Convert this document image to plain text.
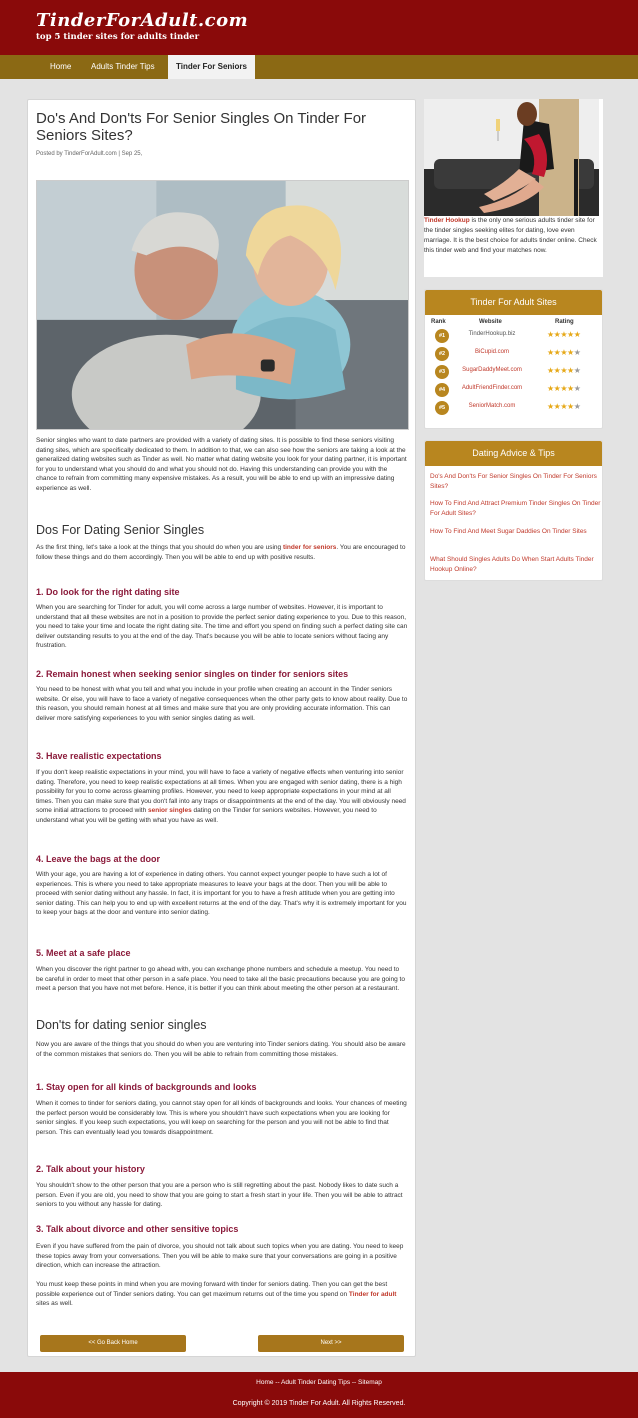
TinderForAdult.com
top 5 tinder sites for adults tinder
Home	Adults Tinder Tips	Tinder For Seniors
Do's And Don'ts For Senior Singles On Tinder For Seniors Sites?
Posted by TinderForAdult.com | Sep 25,
Senior singles who want to date partners are provided with a variety of dating sites. It is possible to find these seniors visiting dating sites, which are specifically dedicated to them. In addition to that, we can also see how the seniors are taking a look at the generalized dating websites such as Tinder as well. No matter what dating website you look for your dating partner, it is important for you to understand what you should do and what you should not do. Having this understanding can provide you with the chance to refrain from committing many expensive mistakes. As a result, you will be able to end up with an impressive dating experience as well.
Dos For Dating Senior Singles
As the first thing, let's take a look at the things that you should do when you are using tinder for seniors. You are encouraged to follow these things and do them accordingly. Then you will be able to end up with positive results.
1. Do look for the right dating site
When you are searching for Tinder for adult, you will come across a large number of websites. However, it is important to understand that all these websites are not in a position to provide the perfect senior dating experience to you. Due to this reason, you need to take your time and locate the right dating site. The time and effort you spend on finding such a perfect dating site can deliver outstanding results to you at the end of the day. That's because you will be able to locate seniors without facing any frustration.
2. Remain honest when seeking senior singles on tinder for seniors sites
You need to be honest with what you tell and what you include in your profile when creating an account in the Tinder seniors website. Or else, you will have to face a variety of negative consequences when the other party gets to know about reality. Due to this reason, you should remain honest at all times and make sure that you are only providing accurate information. This can deliver more satisfying experiences to you with senior singles dating as well.
3. Have realistic expectations
If you don't keep realistic expectations in your mind, you will have to face a variety of negative effects when venturing into senior dating. Therefore, you need to keep realistic expectations at all times. When you are engaged with senior dating, there is a high possibility for you to come across gleaming profiles. However, you need to keep appropriate expectations in your mind at all times. Then you can make sure that you don't fall into any traps or disappointments at the end of the day. You will obviously need some initial attractions to proceed with senior singles dating on the Tinder for seniors websites. However, you need to understand what you will be getting with what you have as well.
4. Leave the bags at the door
With your age, you are having a lot of experience in dating others. You cannot expect younger people to have such a lot of experiences. This is where you need to take appropriate measures to leave your bags at the door. Then you will be able to proceed with senior dating without any hassle. In fact, it is important for you to have a fresh attitude when you are getting into senior dating. This can help you to end up with excellent returns at the end of the day. That's why it is extremely important for you to keep your bags at the door and venture into senior dating.
5. Meet at a safe place
When you discover the right partner to go ahead with, you can exchange phone numbers and schedule a meetup. You need to be careful in order to meet that other person in a safe place. You need to take all the basic precautions because you are going to meet a person that you have not met before. Hence, it is better if you can think about meeting the other person at a restaurant.
Don'ts for dating senior singles
Now you are aware of the things that you should do when you are venturing into Tinder seniors dating. You should also be aware of the common mistakes that seniors do. Then you will be able to refrain from committing those mistakes.
1. Stay open for all kinds of backgrounds and looks
When it comes to tinder for seniors dating, you cannot stay open for all kinds of backgrounds and looks. Your chances of meeting the perfect person would be considerably low. This is where you shouldn't have such expectations when you are looking for senior singles. If you keep such expectations, you will keep on searching for the person and you will not be able to find that person. This can eventually lead you towards disappointment.
2. Talk about your history
You shouldn't show to the other person that you are a person who is still regretting about the past. Nobody likes to date such a person. Even if you are old, you need to show that you are going to start a fresh start in your life. Then you will be able to attract seniors to you without any hassle for dating.
3. Talk about divorce and other sensitive topics
Even if you have suffered from the pain of divorce, you should not talk about such topics when you are dating. You need to keep these topics away from your conversations. Then you will be able to make sure that your conversations are going in a positive direction, which can increase the attraction.
You must keep these points in mind when you are moving forward with tinder for seniors dating. Then you can get the best possible experience out of Tinder seniors dating. You can get maximum returns out of the time you spend on Tinder for adult sites as well.
<< Go Back Home	Next >>
Tinder Hookup is the only one serious adults tinder site for the tinder singles seeking elites for dating, love even marriage. It is the best choice for adults tinder online. Check this tinder web and find your matches now.
Tinder For Adult Sites
Rank	Website	Rating
#1	TinderHookup.biz	★★★★★
#2	BiCupid.com	★★★★★
#3	SugarDaddyMeet.com	★★★★★
#4	AdultFriendFinder.com	★★★★★
#5	SeniorMatch.com	★★★★★
Dating Advice & Tips
Do's And Don'ts For Senior Singles On Tinder For Seniors Sites?
How To Find And Attract Premium Tinder Singles On Tinder For Adult Sites?
How To Find And Meet Sugar Daddies On Tinder Sites
What Should Singles Adults Do When Start Adults Tinder Hookup Online?
Home -- Adult Tinder Dating Tips -- Sitemap
Copyright © 2019 Tinder For Adult. All Rights Reserved.
